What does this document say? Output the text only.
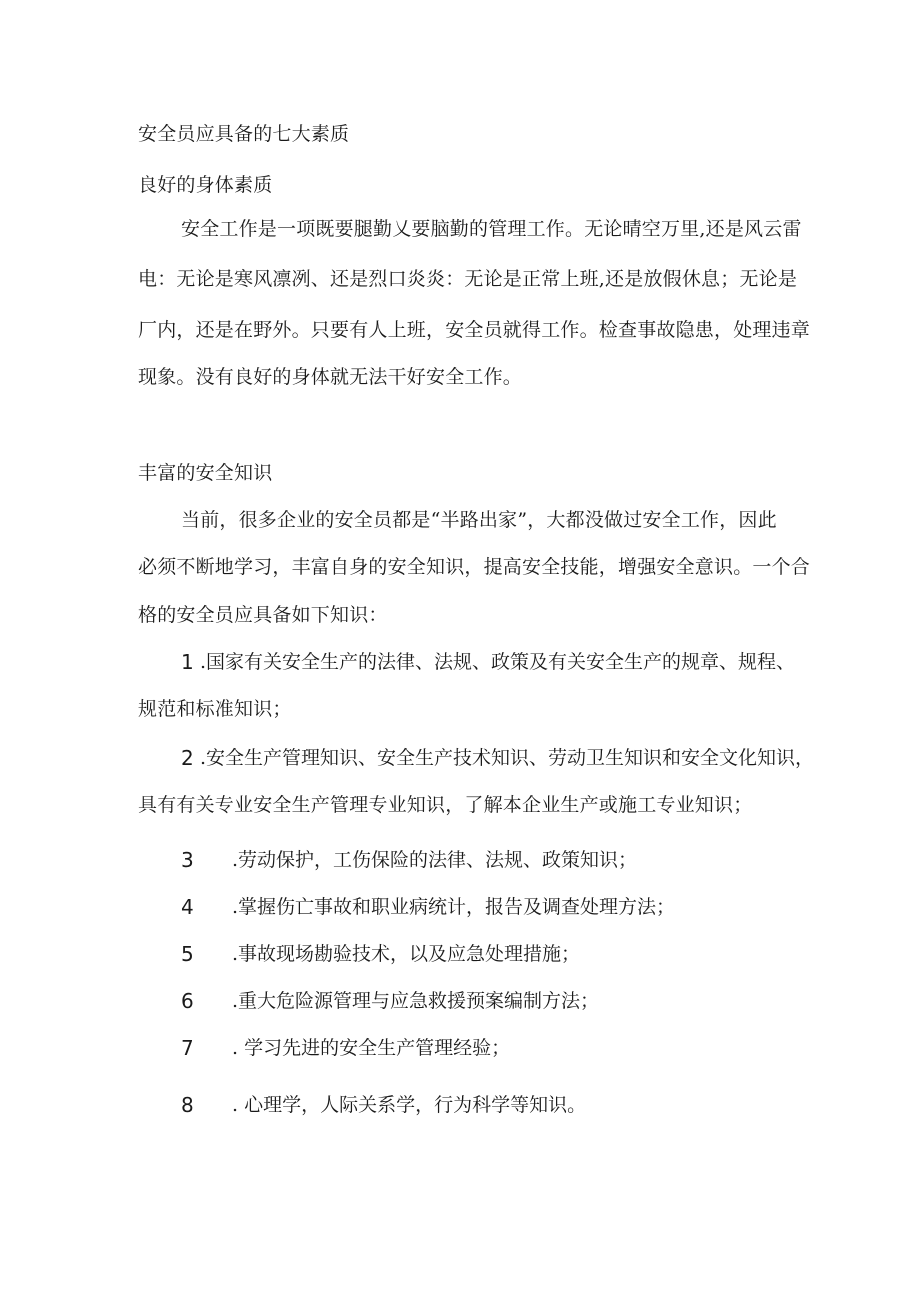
安全员应具备的七大素质
良好的身体素质
安全工作是一项既要腿勤乂要脑勤的管理工作。无论晴空万里,还是风云雷
电：无论是寒风凛冽、还是烈口炎炎：无论是正常上班,还是放假休息；无论是
厂内，还是在野外。只要有人上班，安全员就得工作。检查事故隐患，处理违章
现象。没有良好的身体就无法干好安全工作。
丰富的安全知识
当前，很多企业的安全员都是“半路出家”，大都没做过安全工作，因此
必须不断地学习，丰富自身的安全知识，提高安全技能，增强安全意识。一个合
格的安全员应具备如下知识：
1 .国家有关安全生产的法律、法规、政策及有关安全生产的规章、规程、
规范和标准知识；
2 .安全生产管理知识、安全生产技术知识、劳动卫生知识和安全文化知识，
具有有关专业安全生产管理专业知识，了解本企业生产或施工专业知识；
3 .劳动保护，工伤保险的法律、法规、政策知识；
4 .掌握伤亡事故和职业病统计，报告及调查处理方法；
5 .事故现场勘验技术，以及应急处理措施；
6 .重大危险源管理与应急救援预案编制方法；
7 . 学习先进的安全生产管理经验；
8 . 心理学，人际关系学，行为科学等知识。
